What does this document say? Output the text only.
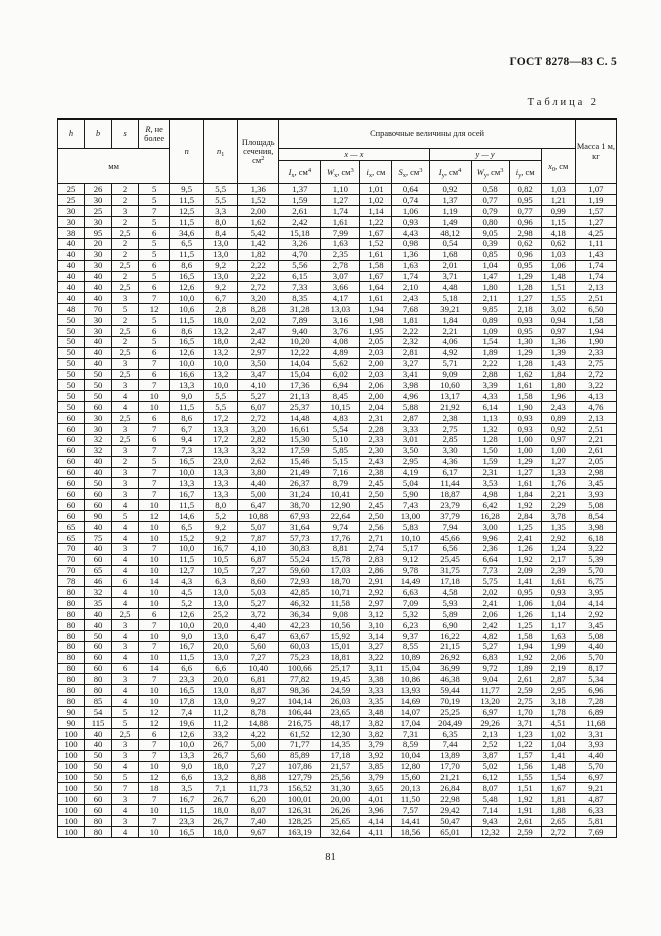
ГОСТ 8278—83 С. 5
Таблица 2
h	b	s	R, не более	n	$n_1$	Площадь сечения, $см^2$	Справочные величины для осей								Масса 1 м, кг
мм							x — x				y — y			$x_0$, см	
							$I_x$, $см^4$	$W_x$, $см^3$	$i_x$, см	$S_x$, $см^3$	$I_y$, $см^4$	$W_y$, $см^3$	$i_y$, см		
25	26	2	5	9,5	5,5	1,36	1,37	1,10	1,01	0,64	0,92	0,58	0,82	1,03	1,07
25	30	2	5	11,5	5,5	1,52	1,59	1,27	1,02	0,74	1,37	0,77	0,95	1,21	1,19
30	25	3	7	12,5	3,3	2,00	2,61	1,74	1,14	1,06	1,19	0,79	0,77	0,99	1,57
30	30	2	5	11,5	8,0	1,62	2,42	1,61	1,22	0,93	1,49	0,80	0,96	1,15	1,27
38	95	2,5	6	34,6	8,4	5,42	15,18	7,99	1,67	4,43	48,12	9,05	2,98	4,18	4,25
40	20	2	5	6,5	13,0	1,42	3,26	1,63	1,52	0,98	0,54	0,39	0,62	0,62	1,11
40	30	2	5	11,5	13,0	1,82	4,70	2,35	1,61	1,36	1,68	0,85	0,96	1,03	1,43
40	30	2,5	6	8,6	9,2	2,22	5,56	2,78	1,58	1,63	2,01	1,04	0,95	1,06	1,74
40	40	2	5	16,5	13,0	2,22	6,15	3,07	1,67	1,74	3,71	1,47	1,29	1,48	1,74
40	40	2,5	6	12,6	9,2	2,72	7,33	3,66	1,64	2,10	4,48	1,80	1,28	1,51	2,13
40	40	3	7	10,0	6,7	3,20	8,35	4,17	1,61	2,43	5,18	2,11	1,27	1,55	2,51
48	70	5	12	10,6	2,8	8,28	31,28	13,03	1,94	7,68	39,21	9,85	2,18	3,02	6,50
50	30	2	5	11,5	18,0	2,02	7,89	3,16	1,98	1,81	1,84	0,89	0,93	0,94	1,58
50	30	2,5	6	8,6	13,2	2,47	9,40	3,76	1,95	2,22	2,21	1,09	0,95	0,97	1,94
50	40	2	5	16,5	18,0	2,42	10,20	4,08	2,05	2,32	4,06	1,54	1,30	1,36	1,90
50	40	2,5	6	12,6	13,2	2,97	12,22	4,89	2,03	2,81	4,92	1,89	1,29	1,39	2,33
50	40	3	7	10,0	10,0	3,50	14,04	5,62	2,00	3,27	5,71	2,22	1,28	1,43	2,75
50	50	2,5	6	16,6	13,2	3,47	15,04	6,02	2,03	3,41	9,09	2,88	1,62	1,84	2,72
50	50	3	7	13,3	10,0	4,10	17,36	6,94	2,06	3,98	10,60	3,39	1,61	1,80	3,22
50	50	4	10	9,0	5,5	5,27	21,13	8,45	2,00	4,96	13,17	4,33	1,58	1,96	4,13
50	60	4	10	11,5	5,5	6,07	25,37	10,15	2,04	5,88	21,92	6,14	1,90	2,43	4,76
60	30	2,5	6	8,6	17,2	2,72	14,48	4,83	2,31	2,87	2,38	1,13	0,93	0,89	2,13
60	30	3	7	6,7	13,3	3,20	16,61	5,54	2,28	3,33	2,75	1,32	0,93	0,92	2,51
60	32	2,5	6	9,4	17,2	2,82	15,30	5,10	2,33	3,01	2,85	1,28	1,00	0,97	2,21
60	32	3	7	7,3	13,3	3,32	17,59	5,85	2,30	3,50	3,30	1,50	1,00	1,00	2,61
60	40	2	5	16,5	23,0	2,62	15,46	5,15	2,43	2,95	4,36	1,59	1,29	1,27	2,05
60	40	3	7	10,0	13,3	3,80	21,49	7,16	2,38	4,19	6,17	2,31	1,27	1,33	2,98
60	50	3	7	13,3	13,3	4,40	26,37	8,79	2,45	5,04	11,44	3,53	1,61	1,76	3,45
60	60	3	7	16,7	13,3	5,00	31,24	10,41	2,50	5,90	18,87	4,98	1,84	2,21	3,93
60	60	4	10	11,5	8,0	6,47	38,70	12,90	2,45	7,43	23,79	6,42	1,92	2,29	5,08
60	90	5	12	14,6	5,2	10,88	67,93	22,64	2,50	13,00	37,79	16,28	2,84	3,78	8,54
65	40	4	10	6,5	9,2	5,07	31,64	9,74	2,56	5,83	7,94	3,00	1,25	1,35	3,98
65	75	4	10	15,2	9,2	7,87	57,73	17,76	2,71	10,10	45,66	9,96	2,41	2,92	6,18
70	40	3	7	10,0	16,7	4,10	30,83	8,81	2,74	5,17	6,56	2,36	1,26	1,24	3,22
70	60	4	10	11,5	10,5	6,87	55,24	15,78	2,83	9,12	25,45	6,64	1,92	2,17	5,39
70	65	4	10	12,7	10,5	7,27	59,60	17,03	2,86	9,78	31,75	7,73	2,09	2,39	5,70
78	46	6	14	4,3	6,3	8,60	72,93	18,70	2,91	14,49	17,18	5,75	1,41	1,61	6,75
80	32	4	10	4,5	13,0	5,03	42,85	10,71	2,92	6,63	4,58	2,02	0,95	0,93	3,95
80	35	4	10	5,2	13,0	5,27	46,32	11,58	2,97	7,09	5,93	2,41	1,06	1,04	4,14
80	40	2,5	6	12,6	25,2	3,72	36,34	9,08	3,12	5,32	5,89	2,06	1,26	1,14	2,92
80	40	3	7	10,0	20,0	4,40	42,23	10,56	3,10	6,23	6,90	2,42	1,25	1,17	3,45
80	50	4	10	9,0	13,0	6,47	63,67	15,92	3,14	9,37	16,22	4,82	1,58	1,63	5,08
80	60	3	7	16,7	20,0	5,60	60,03	15,01	3,27	8,55	21,15	5,27	1,94	1,99	4,40
80	60	4	10	11,5	13,0	7,27	75,23	18,81	3,22	10,89	26,92	6,83	1,92	2,06	5,70
80	60	6	14	6,6	6,6	10,40	100,66	25,17	3,11	15,04	36,99	9,72	1,89	2,19	8,17
80	80	3	7	23,3	20,0	6,81	77,82	19,45	3,38	10,86	46,38	9,04	2,61	2,87	5,34
80	80	4	10	16,5	13,0	8,87	98,36	24,59	3,33	13,93	59,44	11,77	2,59	2,95	6,96
80	85	4	10	17,8	13,0	9,27	104,14	26,03	3,35	14,69	70,19	13,20	2,75	3,18	7,28
90	54	5	12	7,4	11,2	8,78	106,44	23,65	3,48	14,07	25,25	6,97	1,70	1,78	6,89
90	115	5	12	19,6	11,2	14,88	216,75	48,17	3,82	17,04	204,49	29,26	3,71	4,51	11,68
100	40	2,5	6	12,6	33,2	4,22	61,52	12,30	3,82	7,31	6,35	2,13	1,23	1,02	3,31
100	40	3	7	10,0	26,7	5,00	71,77	14,35	3,79	8,59	7,44	2,52	1,22	1,04	3,93
100	50	3	7	13,3	26,7	5,60	85,89	17,18	3,92	10,04	13,89	3,87	1,57	1,41	4,40
100	50	4	10	9,0	18,0	7,27	107,86	21,57	3,85	12,80	17,70	5,02	1,56	1,48	5,70
100	50	5	12	6,6	13,2	8,88	127,79	25,56	3,79	15,60	21,21	6,12	1,55	1,54	6,97
100	50	7	18	3,5	7,1	11,73	156,52	31,30	3,65	20,13	26,84	8,07	1,51	1,67	9,21
100	60	3	7	16,7	26,7	6,20	100,01	20,00	4,01	11,50	22,98	5,48	1,92	1,81	4,87
100	60	4	10	11,5	18,0	8,07	126,31	26,26	3,96	7,57	29,42	7,14	1,91	1,88	6,33
100	80	3	7	23,3	26,7	7,40	128,25	25,65	4,14	14,41	50,47	9,43	2,61	2,65	5,81
100	80	4	10	16,5	18,0	9,67	163,19	32,64	4,11	18,56	65,01	12,32	2,59	2,72	7,69
81
